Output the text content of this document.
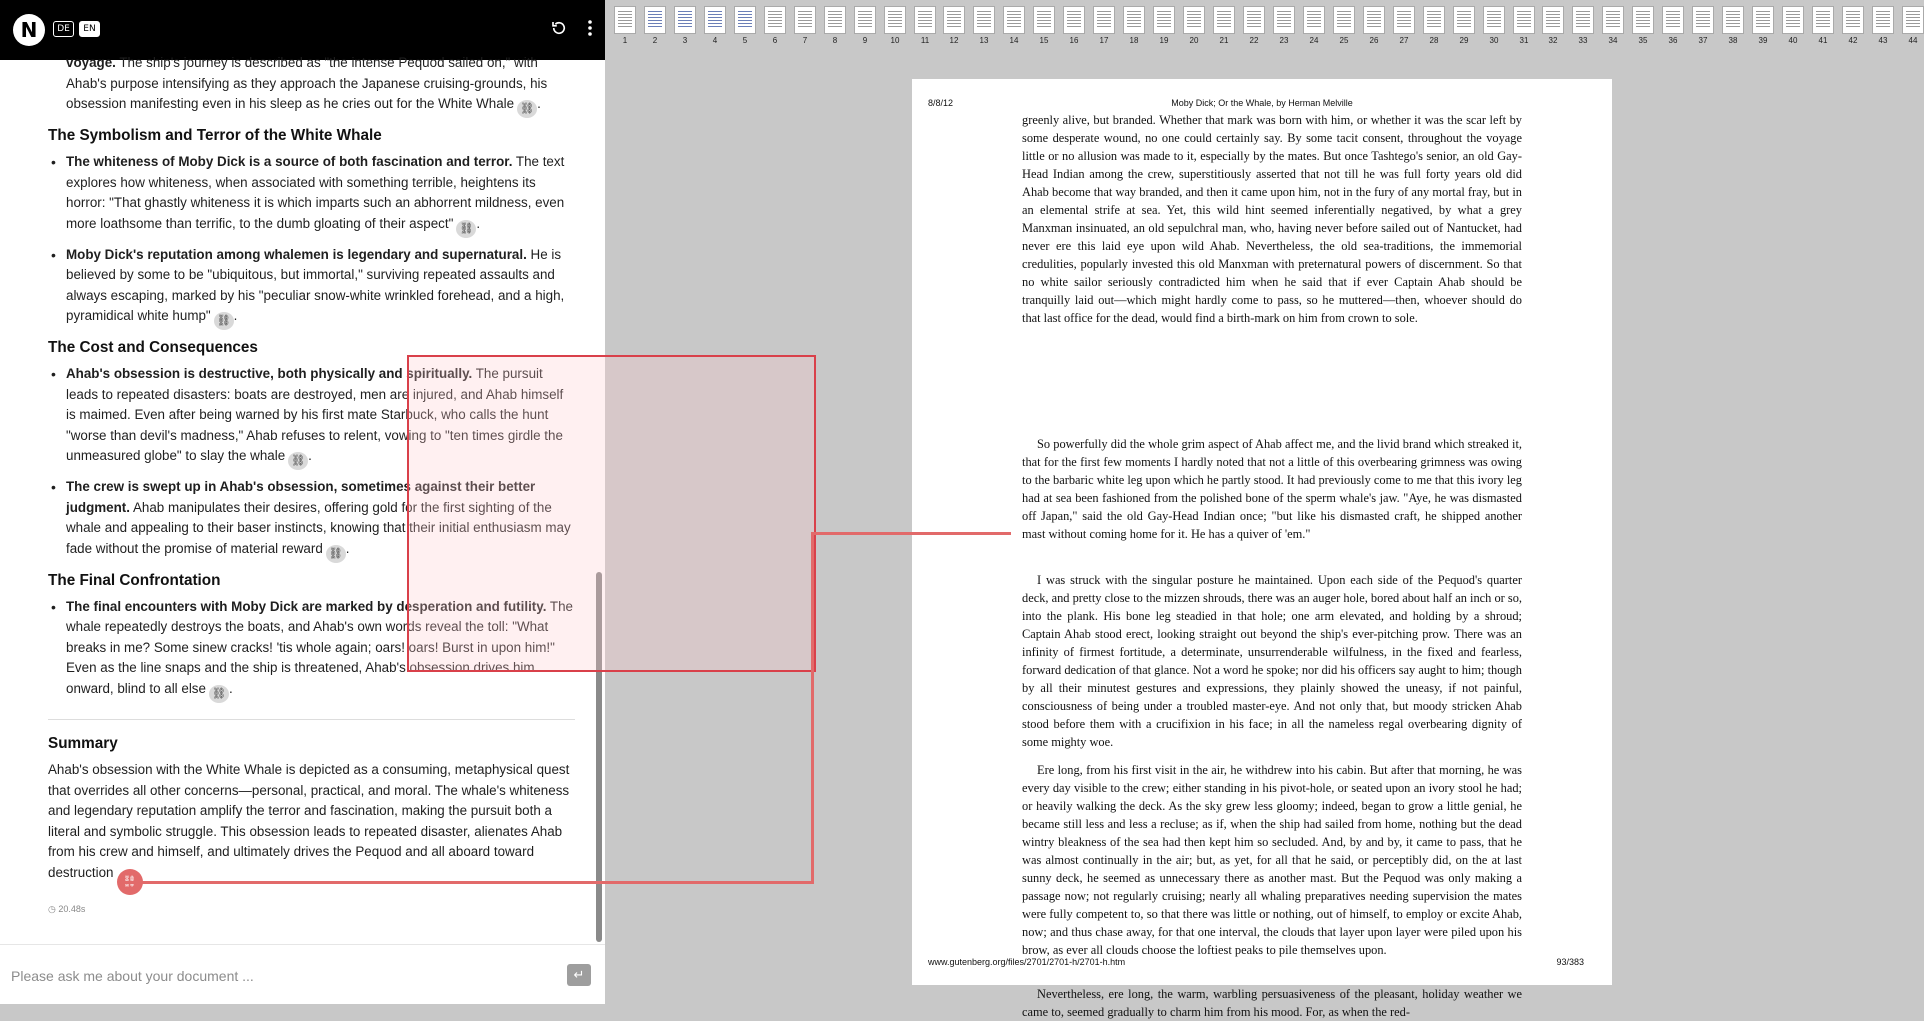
N	DE	EN
voyage. The ship's journey is described as "the intense Pequod sailed on," with Ahab's purpose intensifying as they approach the Japanese cruising-grounds, his obsession manifesting even in his sleep as he cries out for the White Whale ⛓ .
The Symbolism and Terror of the White Whale
• The whiteness of Moby Dick is a source of both fascination and terror. The text explores how whiteness, when associated with something terrible, heightens its horror: "That ghastly whiteness it is which imparts such an abhorrent mildness, even more loathsome than terrific, to the dumb gloating of their aspect" ⛓ .
• Moby Dick's reputation among whalemen is legendary and supernatural. He is believed by some to be "ubiquitous, but immortal," surviving repeated assaults and always escaping, marked by his "peculiar snow-white wrinkled forehead, and a high, pyramidical white hump" ⛓ .
The Cost and Consequences
• Ahab's obsession is destructive, both physically and spiritually. The pursuit leads to repeated disasters: boats are destroyed, men are injured, and Ahab himself is maimed. Even after being warned by his first mate Starbuck, who calls the hunt "worse than devil's madness," Ahab refuses to relent, vowing to "ten times girdle the unmeasured globe" to slay the whale ⛓ .
• The crew is swept up in Ahab's obsession, sometimes against their better judgment. Ahab manipulates their desires, offering gold for the first sighting of the whale and appealing to their baser instincts, knowing that their initial enthusiasm may fade without the promise of material reward ⛓ .
The Final Confrontation
• The final encounters with Moby Dick are marked by desperation and futility. The whale repeatedly destroys the boats, and Ahab's own words reveal the toll: "What breaks in me? Some sinew cracks! 'tis whole again; oars! oars! Burst in upon him!" Even as the line snaps and the ship is threatened, Ahab's obsession drives him onward, blind to all else ⛓ .
Summary
Ahab's obsession with the White Whale is depicted as a consuming, metaphysical quest that overrides all other concerns—personal, practical, and moral. The whale's whiteness and legendary reputation amplify the terror and fascination, making the pursuit both a literal and symbolic struggle. This obsession leads to repeated disaster, alienates Ahab from his crew and himself, and ultimately drives the Pequod and all aboard toward destruction
◷ 20.48s
Please ask me about your document ...
↵
1	2	3	4	5	6	7	8	9	10	11	12	13	14	15	16	17	18	19	20	21	22	23	24	25	26	27	28	29	30	31	32	33	34	35	36	37	38	39	40	41	42	43	44
8/8/12	Moby Dick; Or the Whale, by Herman Melville
greenly alive, but branded. Whether that mark was born with him, or whether it was the scar left by some desperate wound, no one could certainly say. By some tacit consent, throughout the voyage little or no allusion was made to it, especially by the mates. But once Tashtego's senior, an old Gay-Head Indian among the crew, superstitiously asserted that not till he was full forty years old did Ahab become that way branded, and then it came upon him, not in the fury of any mortal fray, but in an elemental strife at sea. Yet, this wild hint seemed inferentially negatived, by what a grey Manxman insinuated, an old sepulchral man, who, having never before sailed out of Nantucket, had never ere this laid eye upon wild Ahab. Nevertheless, the old sea-traditions, the immemorial credulities, popularly invested this old Manxman with preternatural powers of discernment. So that no white sailor seriously contradicted him when he said that if ever Captain Ahab should be tranquilly laid out—which might hardly come to pass, so he muttered—then, whoever should do that last office for the dead, would find a birth-mark on him from crown to sole.
So powerfully did the whole grim aspect of Ahab affect me, and the livid brand which streaked it, that for the first few moments I hardly noted that not a little of this overbearing grimness was owing to the barbaric white leg upon which he partly stood. It had previously come to me that this ivory leg had at sea been fashioned from the polished bone of the sperm whale's jaw. "Aye, he was dismasted off Japan," said the old Gay-Head Indian once; "but like his dismasted craft, he shipped another mast without coming home for it. He has a quiver of 'em."
I was struck with the singular posture he maintained. Upon each side of the Pequod's quarter deck, and pretty close to the mizzen shrouds, there was an auger hole, bored about half an inch or so, into the plank. His bone leg steadied in that hole; one arm elevated, and holding by a shroud; Captain Ahab stood erect, looking straight out beyond the ship's ever-pitching prow. There was an infinity of firmest fortitude, a determinate, unsurrenderable wilfulness, in the fixed and fearless, forward dedication of that glance. Not a word he spoke; nor did his officers say aught to him; though by all their minutest gestures and expressions, they plainly showed the uneasy, if not painful, consciousness of being under a troubled master-eye. And not only that, but moody stricken Ahab stood before them with a crucifixion in his face; in all the nameless regal overbearing dignity of some mighty woe.
Ere long, from his first visit in the air, he withdrew into his cabin. But after that morning, he was every day visible to the crew; either standing in his pivot-hole, or seated upon an ivory stool he had; or heavily walking the deck. As the sky grew less gloomy; indeed, began to grow a little genial, he became still less and less a recluse; as if, when the ship had sailed from home, nothing but the dead wintry bleakness of the sea had then kept him so secluded. And, by and by, it came to pass, that he was almost continually in the air; but, as yet, for all that he said, or perceptibly did, on the at last sunny deck, he seemed as unnecessary there as another mast. But the Pequod was only making a passage now; not regularly cruising; nearly all whaling preparatives needing supervision the mates were fully competent to, so that there was little or nothing, out of himself, to employ or excite Ahab, now; and thus chase away, for that one interval, the clouds that layer upon layer were piled upon his brow, as ever all clouds choose the loftiest peaks to pile themselves upon.
Nevertheless, ere long, the warm, warbling persuasiveness of the pleasant, holiday weather we came to, seemed gradually to charm him from his mood. For, as when the red-
www.gutenberg.org/files/2701/2701-h/2701-h.htm	93/383
